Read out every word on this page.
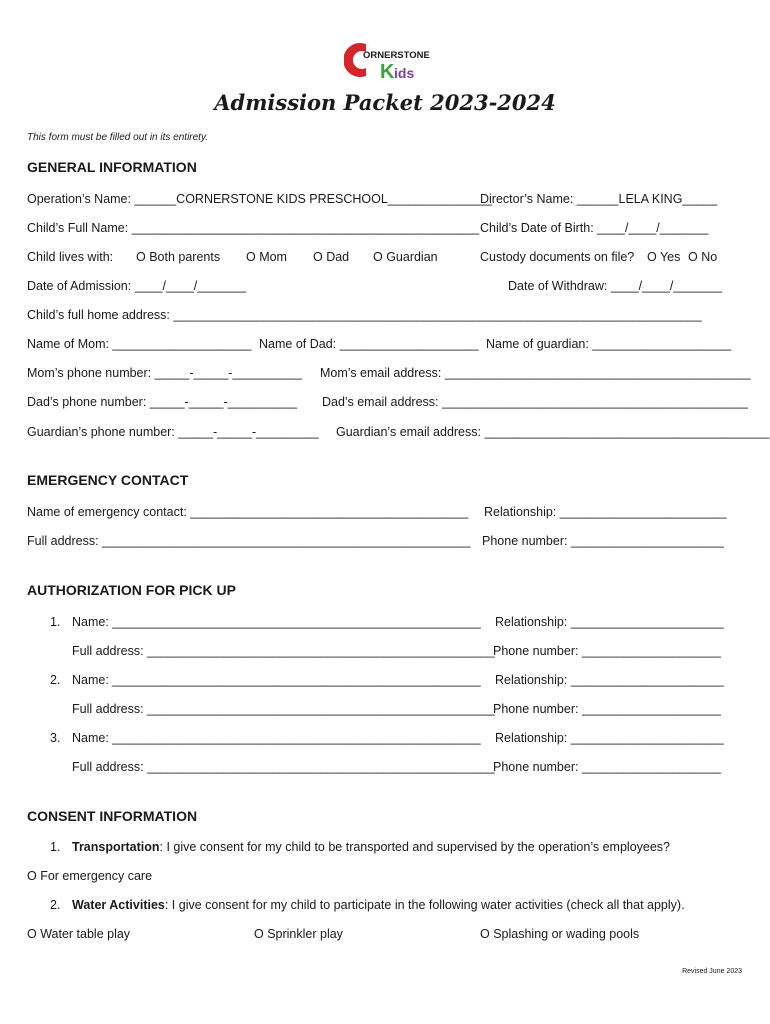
ORNERSTONE
K ids
Admission Packet 2023-2024
This form must be filled out in its entirety.
GENERAL INFORMATION
Operation’s Name: ______CORNERSTONE KIDS PRESCHOOL_______________
Director’s Name: ______LELA KING_____
Child’s Full Name: __________________________________________________ Child’s Date of Birth: ____/____/_______
Child lives with: O Both parents O Mom O Dad O Guardian	Custody documents on file? O Yes O No
Date of Admission: ____/____/_______	Date of Withdraw: ____/____/_______
Child’s full home address: ____________________________________________________________________________
Name of Mom: ____________________ Name of Dad: ____________________ Name of guardian: ____________________
Mom’s phone number: _____-_____-__________ Mom’s email address: ____________________________________________
Dad’s phone number: _____-_____-__________ Dad’s email address: ____________________________________________
Guardian’s phone number: _____-_____-_________ Guardian’s email address: _________________________________________
EMERGENCY CONTACT
Name of emergency contact: ________________________________________ Relationship: ________________________
Full address: _____________________________________________________ Phone number: ______________________
AUTHORIZATION FOR PICK UP
1. Name: _____________________________________________________ Relationship: ______________________
Full address: __________________________________________________
Phone number: ____________________
2. Name: _____________________________________________________ Relationship: ______________________
Full address: __________________________________________________
Phone number: ____________________
3. Name: _____________________________________________________ Relationship: ______________________
Full address: __________________________________________________
Phone number: ____________________
CONSENT INFORMATION
1. Transportation: I give consent for my child to be transported and supervised by the operation’s employees?
O For emergency care
2. Water Activities: I give consent for my child to participate in the following water activities (check all that apply).
O Water table play	O Sprinkler play	O Splashing or wading pools
Revised June 2023
